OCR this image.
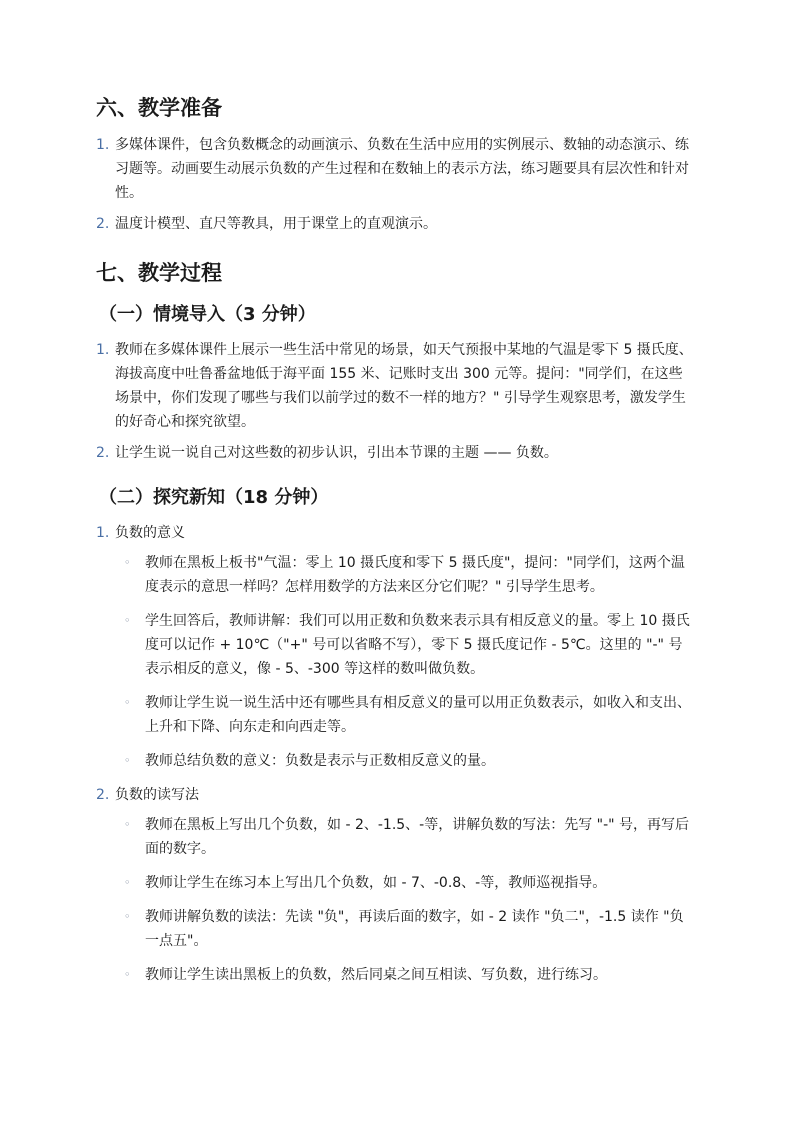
六、教学准备
1. 多媒体课件，包含负数概念的动画演示、负数在生活中应用的实例展示、数轴的动态演示、练习题等。动画要生动展示负数的产生过程和在数轴上的表示方法，练习题要具有层次性和针对性。
2. 温度计模型、直尺等教具，用于课堂上的直观演示。
七、教学过程
（一）情境导入（3 分钟）
1. 教师在多媒体课件上展示一些生活中常见的场景，如天气预报中某地的气温是零下 5 摄氏度、海拔高度中吐鲁番盆地低于海平面 155 米、记账时支出 300 元等。提问："同学们，在这些场景中，你们发现了哪些与我们以前学过的数不一样的地方？" 引导学生观察思考，激发学生的好奇心和探究欲望。
2. 让学生说一说自己对这些数的初步认识，引出本节课的主题 —— 负数。
（二）探究新知（18 分钟）
1. 负数的意义
◦ 教师在黑板上板书"气温：零上 10 摄氏度和零下 5 摄氏度"，提问："同学们，这两个温度表示的意思一样吗？怎样用数学的方法来区分它们呢？" 引导学生思考。
◦ 学生回答后，教师讲解：我们可以用正数和负数来表示具有相反意义的量。零上 10 摄氏度可以记作 + 10℃（"+" 号可以省略不写），零下 5 摄氏度记作 - 5℃。这里的 "-" 号表示相反的意义，像 - 5、-300 等这样的数叫做负数。
◦ 教师让学生说一说生活中还有哪些具有相反意义的量可以用正负数表示，如收入和支出、上升和下降、向东走和向西走等。
◦ 教师总结负数的意义：负数是表示与正数相反意义的量。
2. 负数的读写法
◦ 教师在黑板上写出几个负数，如 - 2、-1.5、-等，讲解负数的写法：先写 "-" 号，再写后面的数字。
◦ 教师让学生在练习本上写出几个负数，如 - 7、-0.8、-等，教师巡视指导。
◦ 教师讲解负数的读法：先读 "负"，再读后面的数字，如 - 2 读作 "负二"，-1.5 读作 "负一点五"。
◦ 教师让学生读出黑板上的负数，然后同桌之间互相读、写负数，进行练习。
